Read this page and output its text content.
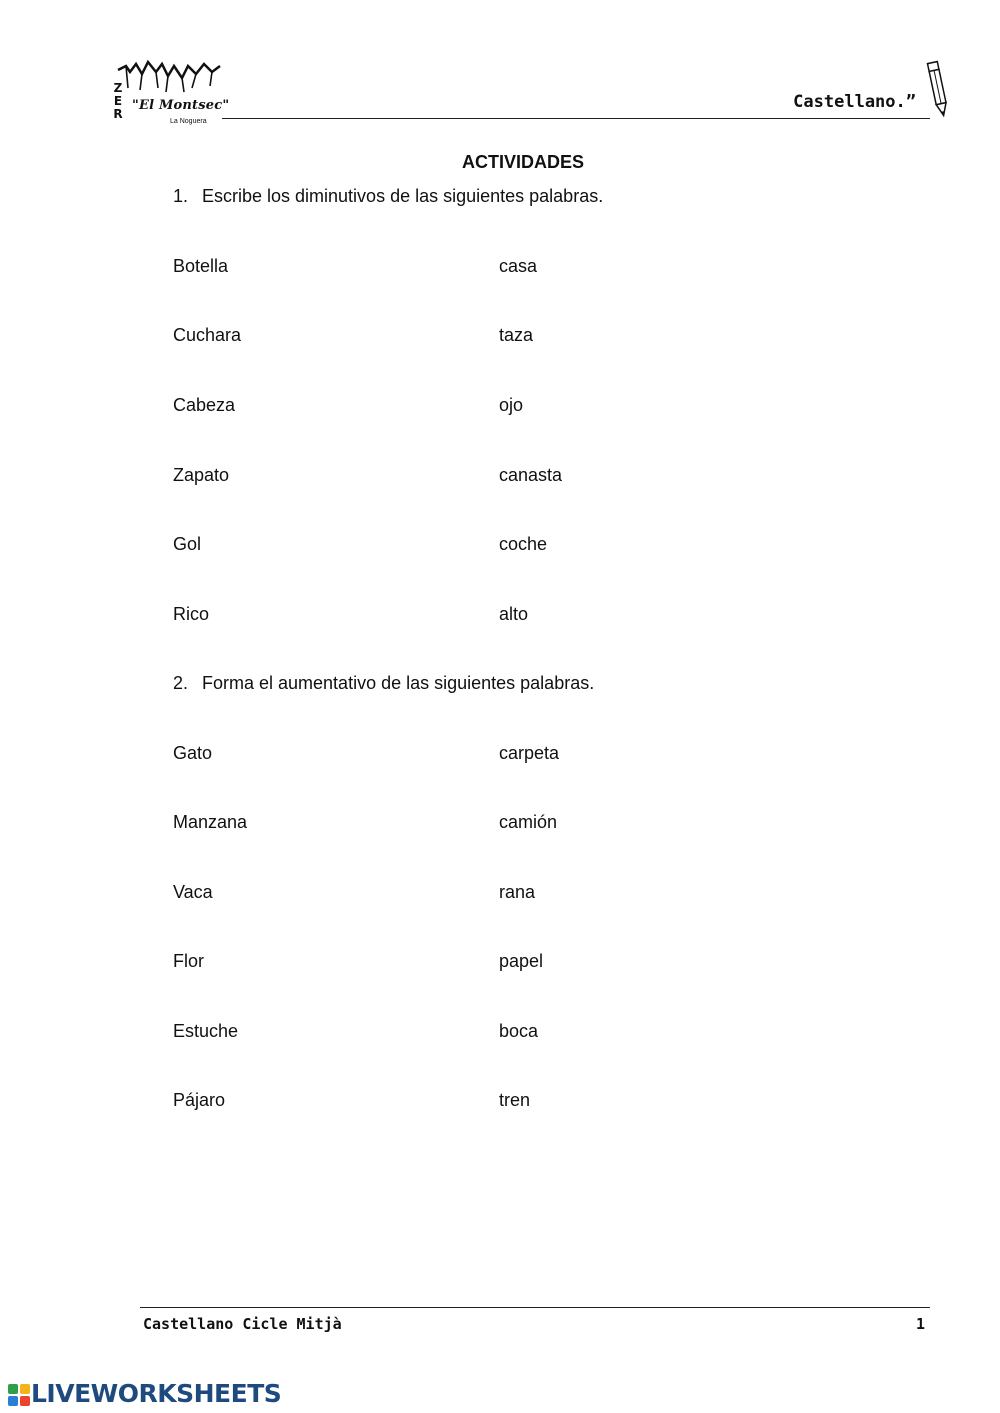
Z
E
R
"El Montsec"
La Noguera
Castellano.”
ACTIVIDADES
1. Escribe los diminutivos de las siguientes palabras.
Botella	casa
Cuchara	taza
Cabeza	ojo
Zapato	canasta
Gol	coche
Rico	alto
2. Forma el aumentativo de las siguientes palabras.
Gato	carpeta
Manzana	camión
Vaca	rana
Flor	papel
Estuche	boca
Pájaro	tren
Castellano Cicle Mitjà	1
LIVEWORKSHEETS
